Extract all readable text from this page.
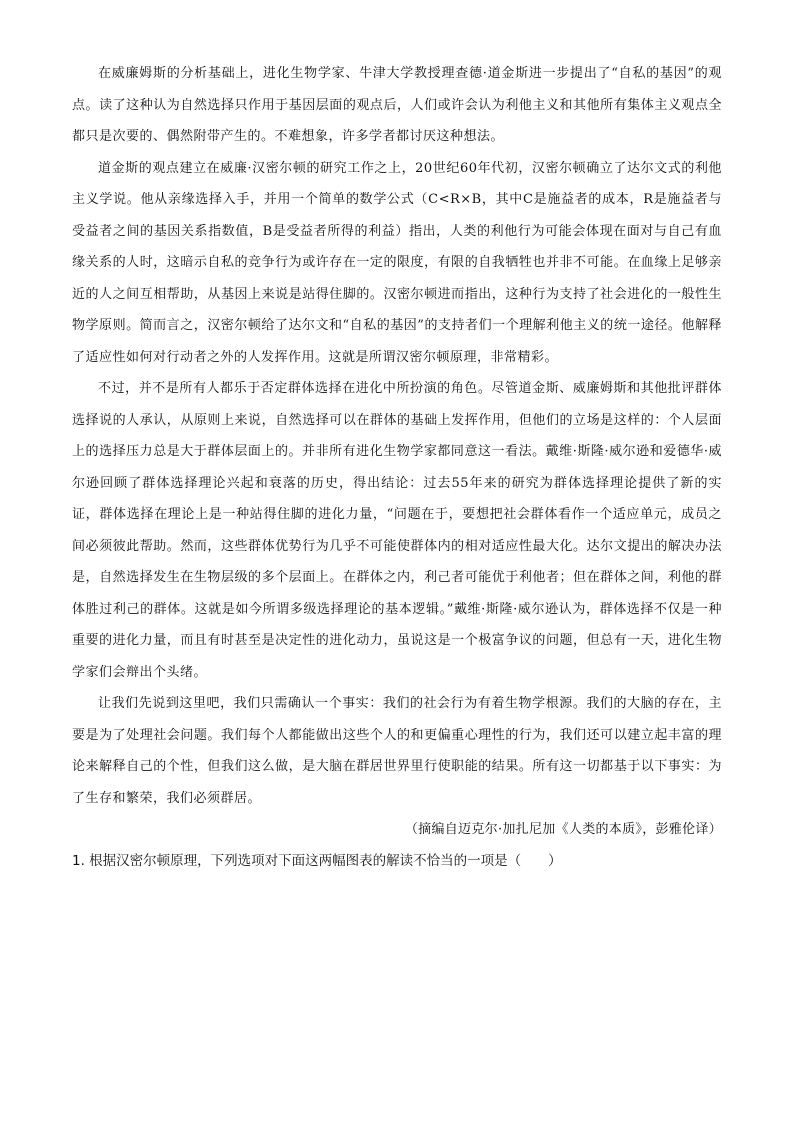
在威廉姆斯的分析基础上，进化生物学家、牛津大学教授理查德·道金斯进一步提出了“自私的基因”的观点。读了这种认为自然选择只作用于基因层面的观点后，人们或许会认为利他主义和其他所有集体主义观点全都只是次要的、偶然附带产生的。不难想象，许多学者都讨厌这种想法。

道金斯的观点建立在威廉·汉密尔顿的研究工作之上，20世纪60年代初，汉密尔顿确立了达尔文式的利他主义学说。他从亲缘选择入手，并用一个简单的数学公式（C<R×B，其中C是施益者的成本，R是施益者与受益者之间的基因关系指数值，B是受益者所得的利益）指出，人类的利他行为可能会体现在面对与自己有血缘关系的人时，这暗示自私的竞争行为或许存在一定的限度，有限的自我牺牲也并非不可能。在血缘上足够亲近的人之间互相帮助，从基因上来说是站得住脚的。汉密尔顿进而指出，这种行为支持了社会进化的一般性生物学原则。简而言之，汉密尔顿给了达尔文和“自私的基因”的支持者们一个理解利他主义的统一途径。他解释了适应性如何对行动者之外的人发挥作用。这就是所谓汉密尔顿原理，非常精彩。

不过，并不是所有人都乐于否定群体选择在进化中所扮演的角色。尽管道金斯、威廉姆斯和其他批评群体选择说的人承认，从原则上来说，自然选择可以在群体的基础上发挥作用，但他们的立场是这样的：个人层面上的选择压力总是大于群体层面上的。并非所有进化生物学家都同意这一看法。戴维·斯隆·威尔逊和爱德华·威尔逊回顾了群体选择理论兴起和衰落的历史，得出结论：过去55年来的研究为群体选择理论提供了新的实证，群体选择在理论上是一种站得住脚的进化力量，“问题在于，要想把社会群体看作一个适应单元，成员之间必须彼此帮助。然而，这些群体优势行为几乎不可能使群体内的相对适应性最大化。达尔文提出的解决办法是，自然选择发生在生物层级的多个层面上。在群体之内，利己者可能优于利他者；但在群体之间，利他的群体胜过利己的群体。这就是如今所谓多级选择理论的基本逻辑。”戴维·斯隆·威尔逊认为，群体选择不仅是一种重要的进化力量，而且有时甚至是决定性的进化动力，虽说这是一个极富争议的问题，但总有一天，进化生物学家们会辩出个头绪。

让我们先说到这里吧，我们只需确认一个事实：我们的社会行为有着生物学根源。我们的大脑的存在，主要是为了处理社会问题。我们每个人都能做出这些个人的和更偏重心理性的行为，我们还可以建立起丰富的理论来解释自己的个性，但我们这么做，是大脑在群居世界里行使职能的结果。所有这一切都基于以下事实：为了生存和繁荣，我们必须群居。

（摘编自迈克尔·加扎尼加《人类的本质》，彭雅伦译）

1. 根据汉密尔顿原理，下列选项对下面这两幅图表的解读不恰当的一项是（　　）
